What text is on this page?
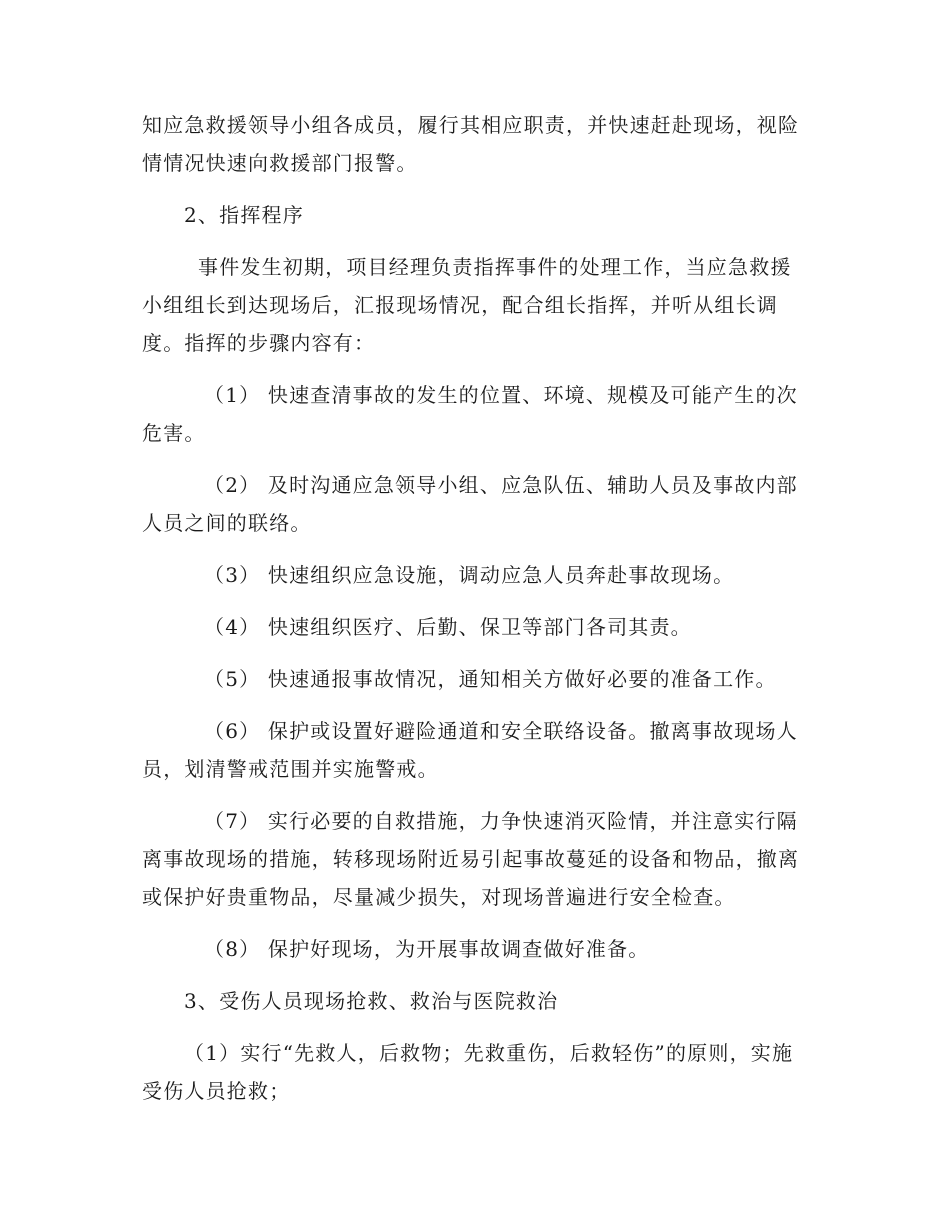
知应急救援领导小组各成员，履行其相应职责，并快速赶赴现场，视险情情况快速向救援部门报警。

2、指挥程序

事件发生初期，项目经理负责指挥事件的处理工作，当应急救援小组组长到达现场后，汇报现场情况，配合组长指挥，并听从组长调度。指挥的步骤内容有：

（1） 快速查清事故的发生的位置、环境、规模及可能产生的次危害。

（2） 及时沟通应急领导小组、应急队伍、辅助人员及事故内部人员之间的联络。

（3） 快速组织应急设施，调动应急人员奔赴事故现场。

（4） 快速组织医疗、后勤、保卫等部门各司其责。

（5） 快速通报事故情况，通知相关方做好必要的准备工作。

（6） 保护或设置好避险通道和安全联络设备。撤离事故现场人员，划清警戒范围并实施警戒。

（7） 实行必要的自救措施，力争快速消灭险情，并注意实行隔离事故现场的措施，转移现场附近易引起事故蔓延的设备和物品，撤离或保护好贵重物品，尽量减少损失，对现场普遍进行安全检查。

（8） 保护好现场，为开展事故调查做好准备。

3、受伤人员现场抢救、救治与医院救治

（1）实行“先救人，后救物；先救重伤，后救轻伤”的原则，实施受伤人员抢救；
